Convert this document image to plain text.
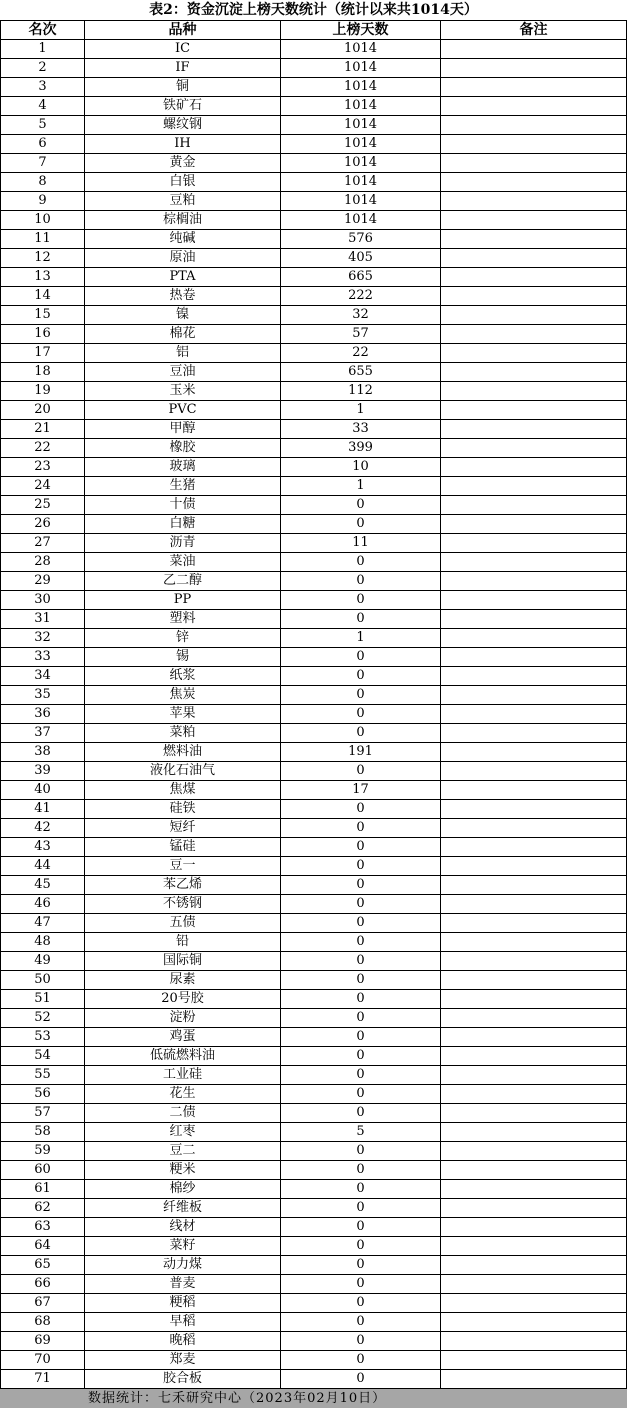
表2：资金沉淀上榜天数统计（统计以来共1014天）			
名次	品种	上榜天数	备注
1	IC	1014	
2	IF	1014	
3	铜	1014	
4	铁矿石	1014	
5	螺纹钢	1014	
6	IH	1014	
7	黄金	1014	
8	白银	1014	
9	豆粕	1014	
10	棕榈油	1014	
11	纯碱	576	
12	原油	405	
13	PTA	665	
14	热卷	222	
15	镍	32	
16	棉花	57	
17	铝	22	
18	豆油	655	
19	玉米	112	
20	PVC	1	
21	甲醇	33	
22	橡胶	399	
23	玻璃	10	
24	生猪	1	
25	十债	0	
26	白糖	0	
27	沥青	11	
28	菜油	0	
29	乙二醇	0	
30	PP	0	
31	塑料	0	
32	锌	1	
33	锡	0	
34	纸浆	0	
35	焦炭	0	
36	苹果	0	
37	菜粕	0	
38	燃料油	191	
39	液化石油气	0	
40	焦煤	17	
41	硅铁	0	
42	短纤	0	
43	锰硅	0	
44	豆一	0	
45	苯乙烯	0	
46	不锈钢	0	
47	五债	0	
48	铅	0	
49	国际铜	0	
50	尿素	0	
51	20号胶	0	
52	淀粉	0	
53	鸡蛋	0	
54	低硫燃料油	0	
55	工业硅	0	
56	花生	0	
57	二债	0	
58	红枣	5	
59	豆二	0	
60	粳米	0	
61	棉纱	0	
62	纤维板	0	
63	线材	0	
64	菜籽	0	
65	动力煤	0	
66	普麦	0	
67	粳稻	0	
68	早稻	0	
69	晚稻	0	
70	郑麦	0	
71	胶合板	0	
数据统计：七禾研究中心（2023年02月10日）
